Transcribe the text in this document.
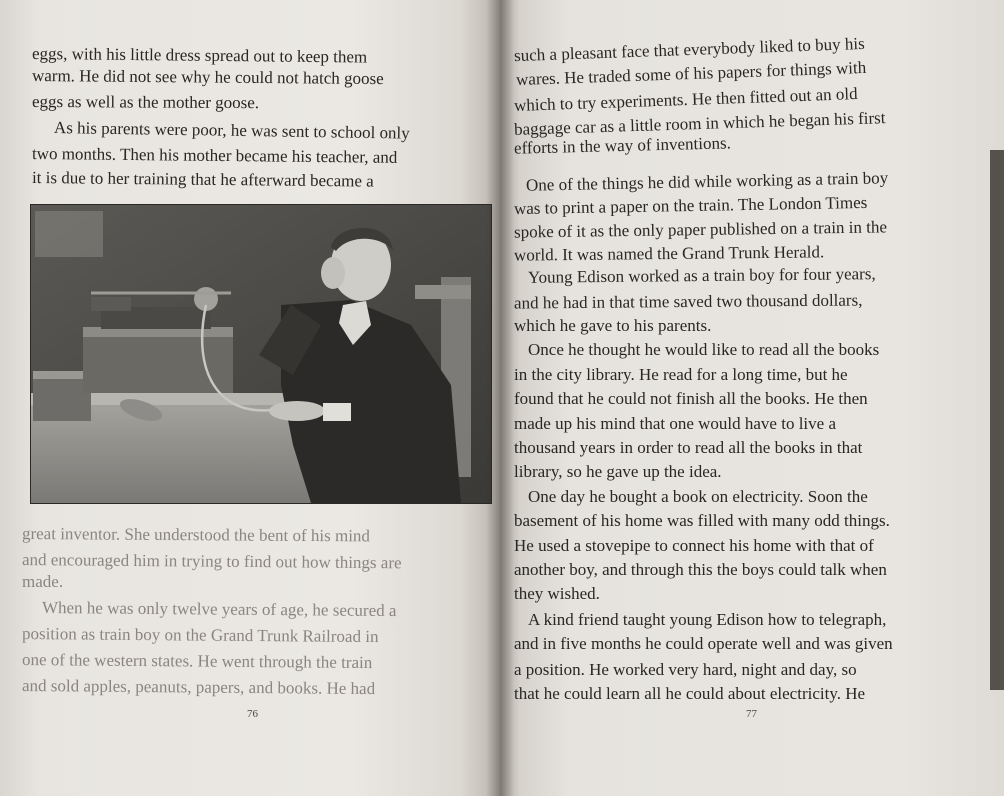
eggs, with his little dress spread out to keep them
warm. He did not see why he could not hatch goose
eggs as well as the mother goose.
As his parents were poor, he was sent to school only
two months. Then his mother became his teacher, and
it is due to her training that he afterward became a
great inventor. She understood the bent of his mind
and encouraged him in trying to find out how things are
made.
When he was only twelve years of age, he secured a
position as train boy on the Grand Trunk Railroad in
one of the western states. He went through the train
and sold apples, peanuts, papers, and books. He had
76
such a pleasant face that everybody liked to buy his
wares. He traded some of his papers for things with
which to try experiments. He then fitted out an old
baggage car as a little room in which he began his first
efforts in the way of inventions.
One of the things he did while working as a train boy
was to print a paper on the train. The London Times
spoke of it as the only paper published on a train in the
world. It was named the Grand Trunk Herald.
Young Edison worked as a train boy for four years,
and he had in that time saved two thousand dollars,
which he gave to his parents.
Once he thought he would like to read all the books
in the city library. He read for a long time, but he
found that he could not finish all the books. He then
made up his mind that one would have to live a
thousand years in order to read all the books in that
library, so he gave up the idea.
One day he bought a book on electricity. Soon the
basement of his home was filled with many odd things.
He used a stovepipe to connect his home with that of
another boy, and through this the boys could talk when
they wished.
A kind friend taught young Edison how to telegraph,
and in five months he could operate well and was given
a position. He worked very hard, night and day, so
that he could learn all he could about electricity. He
77
